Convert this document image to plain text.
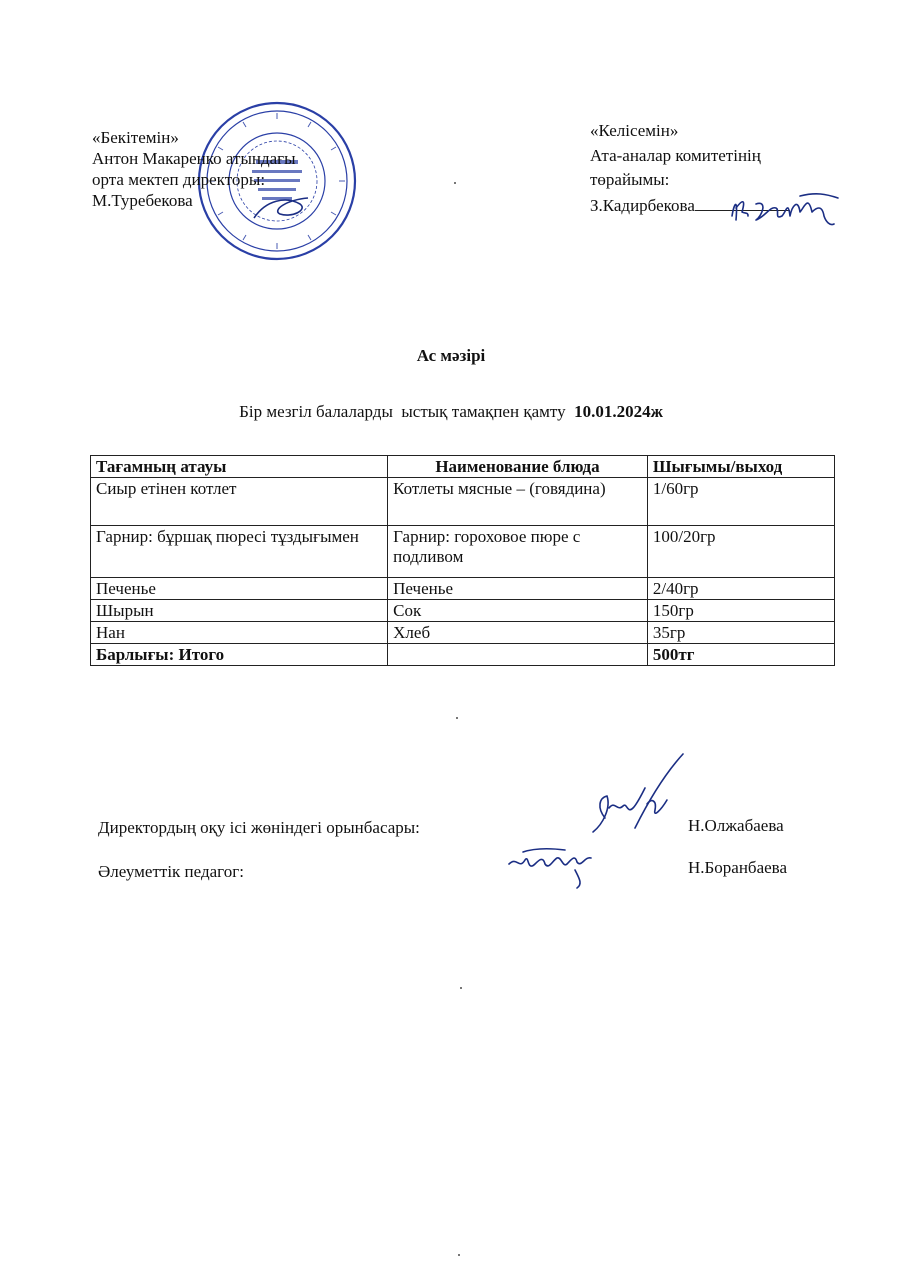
«Бекітемін»
Антон Макаренко атындағы
орта мектеп директоры:
М.Туребекова
«Келісемін»
Ата-аналар комитетінің
төрайымы:
З.Кадирбекова
Ас мәзірі
Бір мезгіл балаларды  ыстық тамақпен қамту  10.01.2024ж
Тағамның атауы	Наименование блюда	Шығымы/выход
Сиыр етінен котлет	Котлеты мясные – (говядина)	1/60гр
Гарнир: бұршақ пюресі тұздығымен	Гарнир: гороховое пюре с подливом	100/20гр
Печенье	Печенье	2/40гр
Шырын	Сок	150гр
Нан	Хлеб	35гр
Барлығы: Итого		500тг
Директордың оқу ісі жөніндегі орынбасары:	Н.Олжабаева
Әлеуметтік педагог:	Н.Боранбаева
